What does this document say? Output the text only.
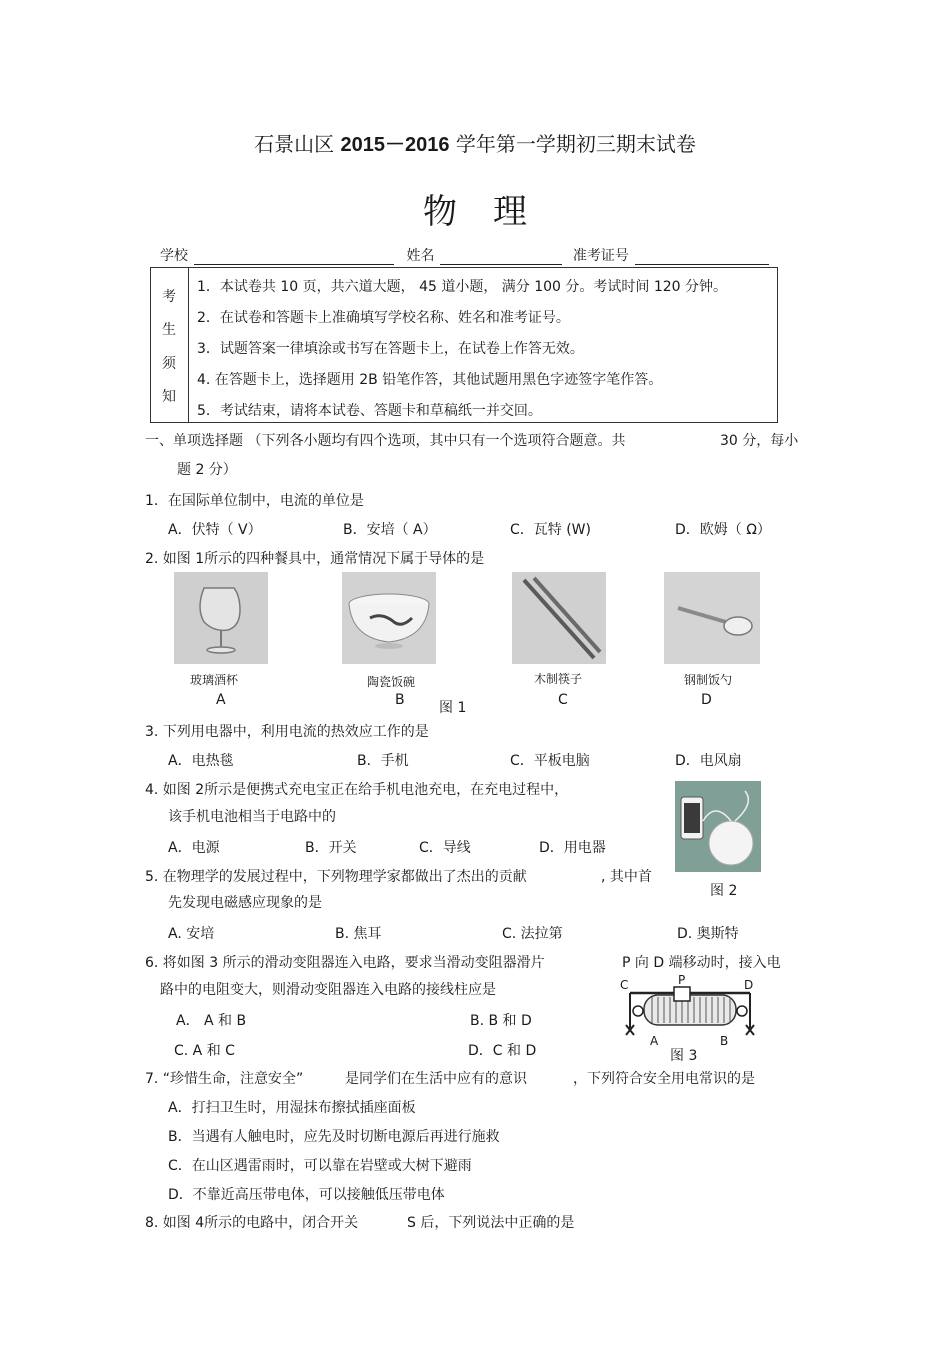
石景山区 2015－2016 学年第一学期初三期末试卷
物理
学校	姓名	准考证号
考
生
须
知
1．本试卷共 10 页，共六道大题， 45 道小题， 满分 100 分。考试时间 120 分钟。
2．在试卷和答题卡上准确填写学校名称、姓名和准考证号。
3．试题答案一律填涂或书写在答题卡上，在试卷上作答无效。
4. 在答题卡上，选择题用 2B 铅笔作答，其他试题用黑色字迹签字笔作答。
5．考试结束，请将本试卷、答题卡和草稿纸一并交回。
一、单项选择题 （下列各小题均有四个选项，其中只有一个选项符合题意。共	30 分，每小
题 2 分）
1．在国际单位制中，电流的单位是
A．伏特（ V）	B．安培（ A）	C．瓦特 (W)	D．欧姆（ Ω）
2. 如图 1所示的四种餐具中，通常情况下属于导体的是
玻璃酒杯	陶瓷饭碗	木制筷子	钢制饭勺
A	B	C	D
图 1
3. 下列用电器中，利用电流的热效应工作的是
A．电热毯	B．手机	C．平板电脑	D．电风扇
4. 如图 2所示是便携式充电宝正在给手机电池充电，在充电过程中，
该手机电池相当于电路中的
A．电源	B．开关	C．导线	D．用电器
图 2
5. 在物理学的发展过程中，下列物理学家都做出了杰出的贡献	, 其中首
先发现电磁感应现象的是
A. 安培	B. 焦耳	C. 法拉第	D. 奥斯特
6. 将如图 3 所示的滑动变阻器连入电路，要求当滑动变阻器滑片	P 向 D 端移动时，接入电
路中的电阻变大，则滑动变阻器连入电路的接线柱应是
A． A 和 B	B. B 和 D
C. A 和 C	D．C 和 D
C	P	D
A	B
图 3
7. “珍惜生命，注意安全”	是同学们在生活中应有的意识	，下列符合安全用电常识的是
A．打扫卫生时，用湿抹布擦拭插座面板
B．当遇有人触电时，应先及时切断电源后再进行施救
C．在山区遇雷雨时，可以靠在岩壁或大树下避雨
D．不靠近高压带电体，可以接触低压带电体
8. 如图 4所示的电路中，闭合开关	S 后，下列说法中正确的是
